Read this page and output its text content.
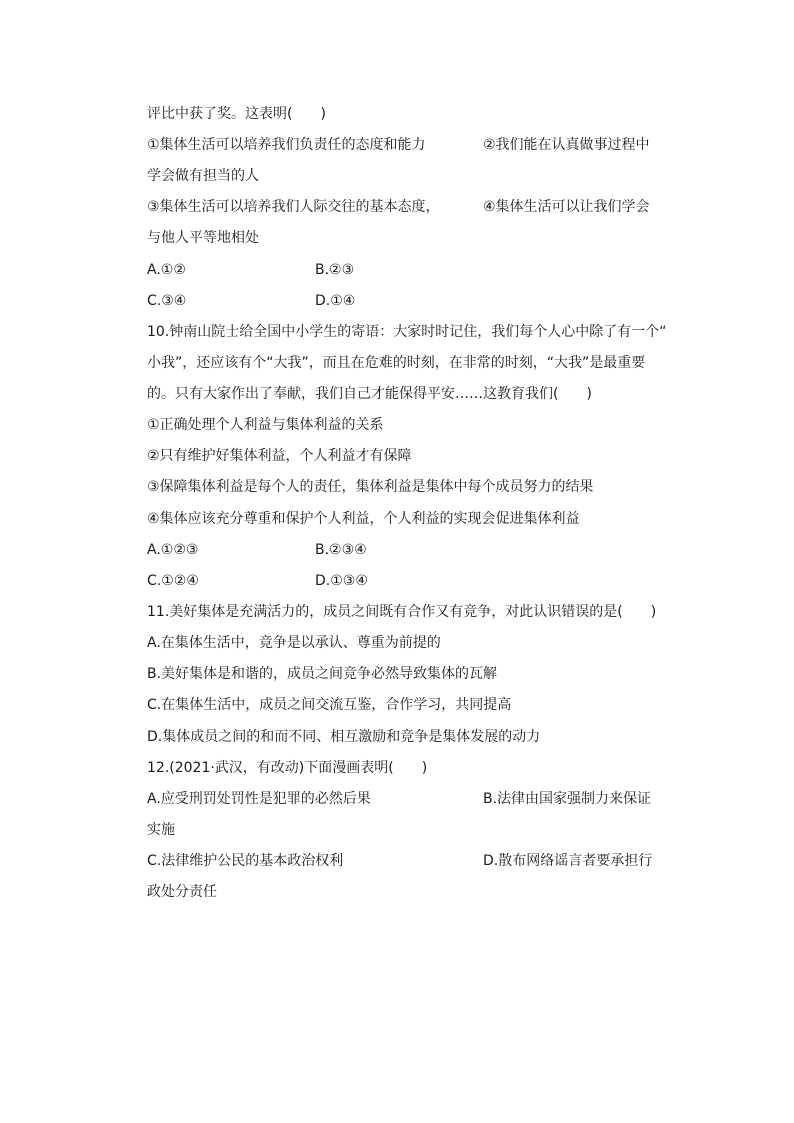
评比中获了奖。这表明(　　)
①集体生活可以培养我们负责任的态度和能力	②我们能在认真做事过程中
学会做有担当的人
③集体生活可以培养我们人际交往的基本态度，	④集体生活可以让我们学会
与他人平等地相处
A.①②	B.②③
C.③④	D.①④
10.钟南山院士给全国中小学生的寄语：大家时时记住，我们每个人心中除了有一个“
小我”，还应该有个“大我”，而且在危难的时刻，在非常的时刻，“大我”是最重要
的。只有大家作出了奉献，我们自己才能保得平安……这教育我们(　　)
①正确处理个人利益与集体利益的关系
②只有维护好集体利益，个人利益才有保障
③保障集体利益是每个人的责任，集体利益是集体中每个成员努力的结果
④集体应该充分尊重和保护个人利益，个人利益的实现会促进集体利益
A.①②③	B.②③④
C.①②④	D.①③④
11.美好集体是充满活力的，成员之间既有合作又有竞争，对此认识错误的是(　　)
A.在集体生活中，竞争是以承认、尊重为前提的
B.美好集体是和谐的，成员之间竞争必然导致集体的瓦解
C.在集体生活中，成员之间交流互鉴，合作学习，共同提高
D.集体成员之间的和而不同、相互激励和竞争是集体发展的动力
12.(2021·武汉，有改动)下面漫画表明(　　)
A.应受刑罚处罚性是犯罪的必然后果	B.法律由国家强制力来保证
实施
C.法律维护公民的基本政治权利	D.散布网络谣言者要承担行
政处分责任
